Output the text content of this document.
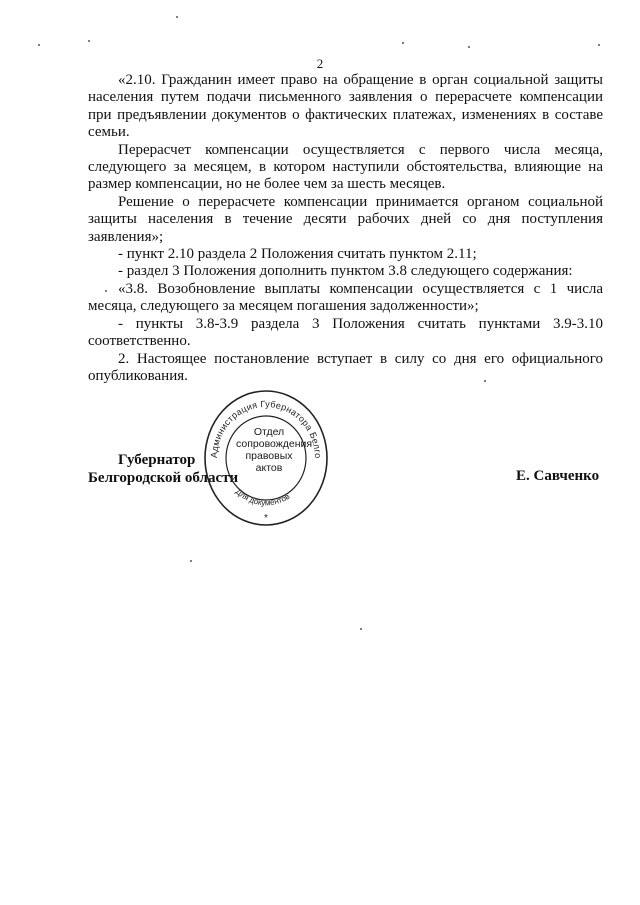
2

«2.10. Гражданин имеет право на обращение в орган социальной защиты населения путем подачи письменного заявления о перерасчете компенсации при предъявлении документов о фактических платежах, изменениях в составе семьи.

Перерасчет компенсации осуществляется с первого числа месяца, следующего за месяцем, в котором наступили обстоятельства, влияющие на размер компенсации, но не более чем за шесть месяцев.

Решение о перерасчете компенсации принимается органом социальной защиты населения в течение десяти рабочих дней со дня поступления заявления»;

- пункт 2.10 раздела 2 Положения считать пунктом 2.11;

- раздел 3 Положения дополнить пунктом 3.8 следующего содержания:

«3.8. Возобновление выплаты компенсации осуществляется с 1 числа месяца, следующего за месяцем погашения задолженности»;

- пункты 3.8-3.9 раздела 3 Положения считать пунктами 3.9-3.10 соответственно.

2. Настоящее постановление вступает в силу со дня его официального опубликования.

Губернатор
Белгородской области	Е. Савченко
Администрация Губернатора Белго
Для документов
*
Отдел
сопровождения
правовых
актов
